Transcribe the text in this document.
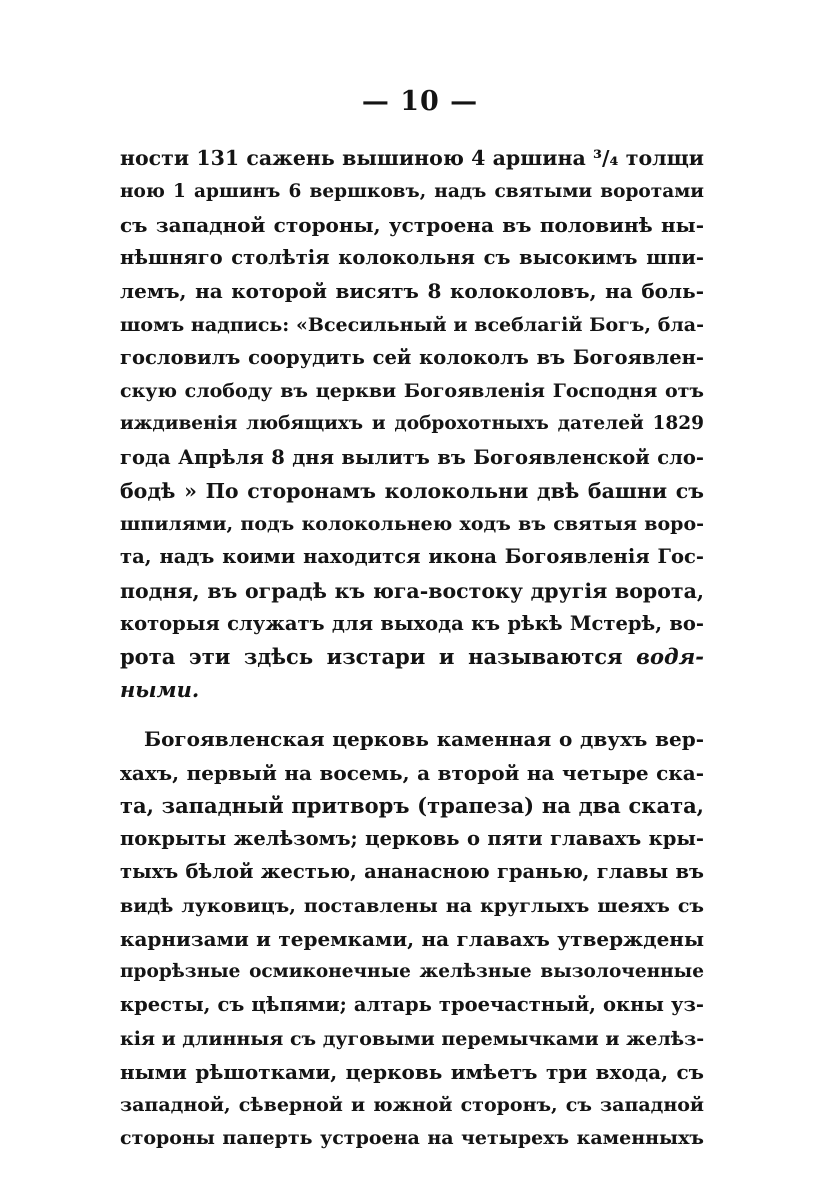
— 10 —
ности 131 сажень вышиною 4 аршина ³/₄ толщи
ною 1 аршинъ 6 вершковъ, надъ святыми воротами
съ западной стороны, устроена въ половинѣ ны-
нѣшняго столѣтія колокольня съ высокимъ шпи-
лемъ, на которой висятъ 8 колоколовъ, на боль-
шомъ надпись: «Всесильный и всеблагій Богъ, бла-
гословилъ соорудить сей колоколъ въ Богоявлен-
скую слободу въ церкви Богоявленія Господня отъ
иждивенія любящихъ и доброхотныхъ дателей 1829
года Апрѣля 8 дня вылитъ въ Богоявленской сло-
бодѣ » По сторонамъ колокольни двѣ башни съ
шпилями, подъ колокольнею ходъ въ святыя воро-
та, надъ коими находится икона Богоявленія Гос-
подня, въ оградѣ къ юга-востоку другія ворота,
которыя служатъ для выхода къ рѣкѣ Мстерѣ, во-
рота эти здѣсь изстари и называются водя-
ными.
Богоявленская церковь каменная о двухъ вер-
хахъ, первый на восемь, а второй на четыре ска-
та, западный притворъ (трапеза) на два ската,
покрыты желѣзомъ; церковь о пяти главахъ кры-
тыхъ бѣлой жестью, ананасною гранью, главы въ
видѣ луковицъ, поставлены на круглыхъ шеяхъ съ
карнизами и теремками, на главахъ утверждены
прорѣзные осмиконечные желѣзные вызолоченные
кресты, съ цѣпями; алтарь троечастный, окны уз-
кія и длинныя съ дуговыми перемычками и желѣз-
ными рѣшотками, церковь имѣетъ три входа, съ
западной, сѣверной и южной сторонъ, съ западной
стороны паперть устроена на четырехъ каменныхъ
